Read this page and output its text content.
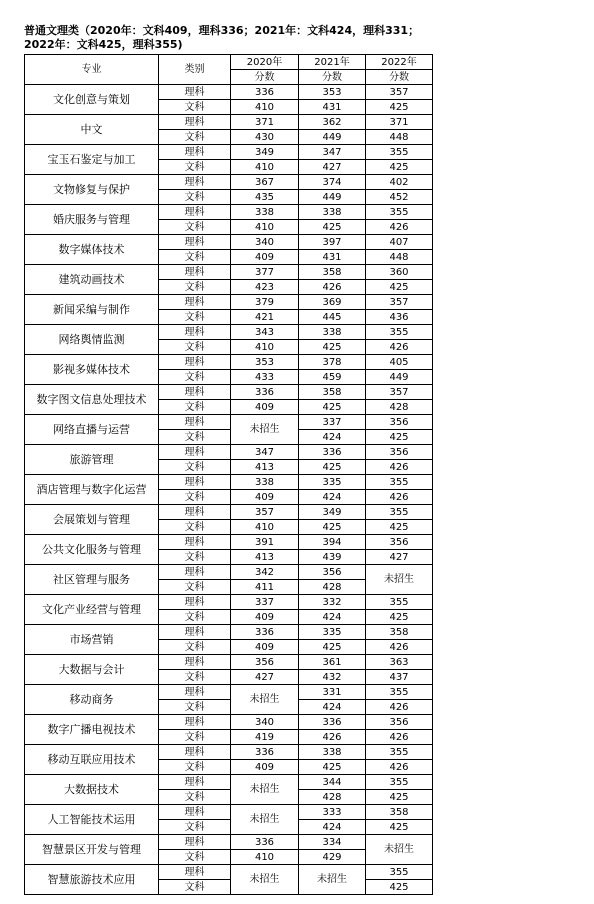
普通文理类（2020年：文科409，理科336；2021年：文科424，理科331；2022年：文科425，理科355)
专业	类别	2020年	2021年	2022年
		分数	分数	分数
文化创意与策划	理科	336	353	357
	文科	410	431	425
中文	理科	371	362	371
	文科	430	449	448
宝玉石鉴定与加工	理科	349	347	355
	文科	410	427	425
文物修复与保护	理科	367	374	402
	文科	435	449	452
婚庆服务与管理	理科	338	338	355
	文科	410	425	426
数字媒体技术	理科	340	397	407
	文科	409	431	448
建筑动画技术	理科	377	358	360
	文科	423	426	425
新闻采编与制作	理科	379	369	357
	文科	421	445	436
网络舆情监测	理科	343	338	355
	文科	410	425	426
影视多媒体技术	理科	353	378	405
	文科	433	459	449
数字图文信息处理技术	理科	336	358	357
	文科	409	425	428
网络直播与运营	理科	未招生	337	356
	文科		424	425
旅游管理	理科	347	336	356
	文科	413	425	426
酒店管理与数字化运营	理科	338	335	355
	文科	409	424	426
会展策划与管理	理科	357	349	355
	文科	410	425	425
公共文化服务与管理	理科	391	394	356
	文科	413	439	427
社区管理与服务	理科	342	356	未招生
	文科	411	428	
文化产业经营与管理	理科	337	332	355
	文科	409	424	425
市场营销	理科	336	335	358
	文科	409	425	426
大数据与会计	理科	356	361	363
	文科	427	432	437
移动商务	理科	未招生	331	355
	文科		424	426
数字广播电视技术	理科	340	336	356
	文科	419	426	426
移动互联应用技术	理科	336	338	355
	文科	409	425	426
大数据技术	理科	未招生	344	355
	文科		428	425
人工智能技术运用	理科	未招生	333	358
	文科		424	425
智慧景区开发与管理	理科	336	334	未招生
	文科	410	429	
智慧旅游技术应用	理科	未招生	未招生	355
	文科			425
